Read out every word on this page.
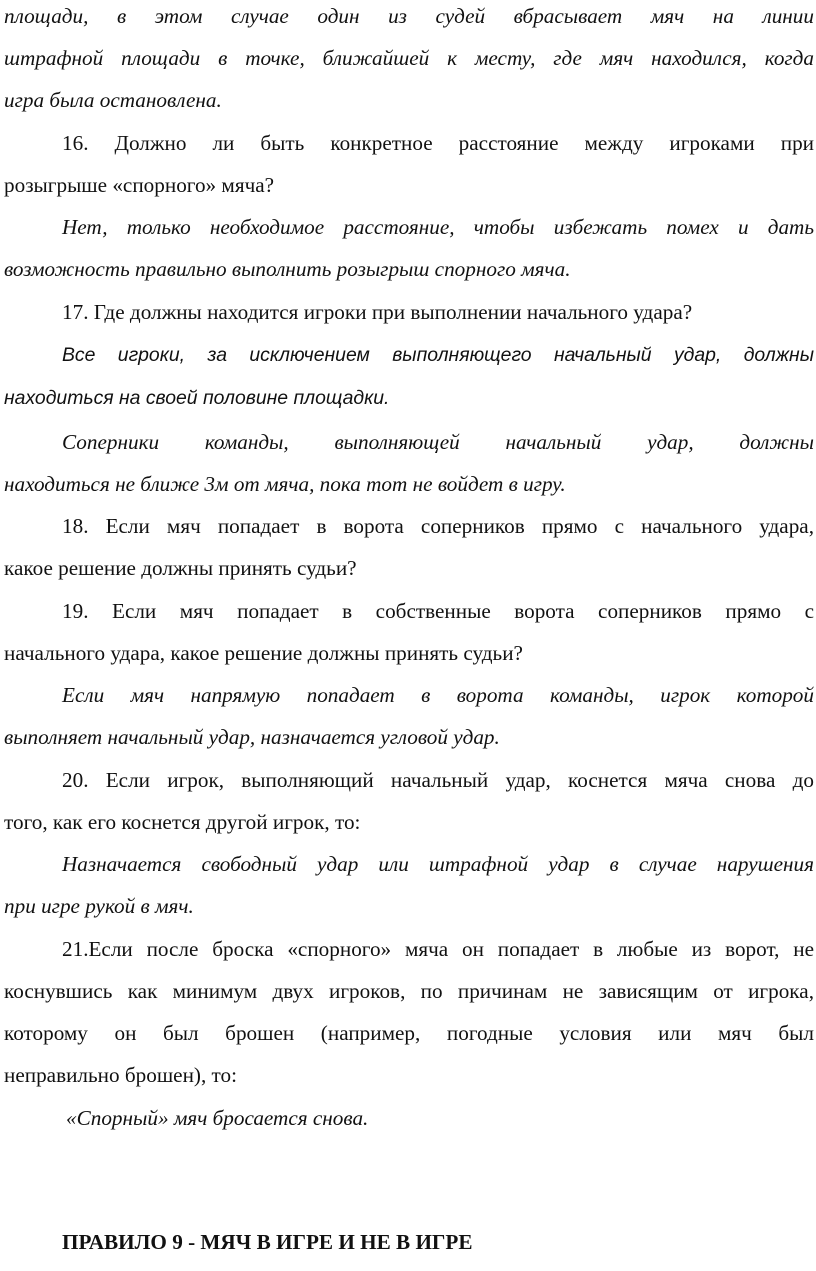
площади, в этом случае один из судей вбрасывает мяч на линии
штрафной площади в точке, ближайшей к месту, где мяч находился, когда
игра была остановлена.
16. Должно ли быть конкретное расстояние между игроками при
розыгрыше «спорного» мяча?
Нет, только необходимое расстояние, чтобы избежать помех и дать
возможность правильно выполнить розыгрыш спорного мяча.
17. Где должны находится игроки при выполнении начального удара?
Все игроки, за исключением выполняющего начальный удар, должны
находиться на своей половине площадки.
Соперники команды, выполняющей начальный удар, должны
находиться не ближе 3м от мяча, пока тот не войдет в игру.
18. Если мяч попадает в ворота соперников прямо с начального удара,
какое решение должны принять судьи?
19. Если мяч попадает в собственные ворота соперников прямо с
начального удара, какое решение должны принять судьи?
Если мяч напрямую попадает в ворота команды, игрок которой
выполняет начальный удар, назначается угловой удар.
20. Если игрок, выполняющий начальный удар, коснется мяча снова до
того, как его коснется другой игрок, то:
Назначается свободный удар или штрафной удар в случае нарушения
при игре рукой в мяч.
21.Если после броска «спорного» мяча он попадает в любые из ворот, не
коснувшись как минимум двух игроков, по причинам не зависящим от игрока,
которому он был брошен (например, погодные условия или мяч был
неправильно брошен), то:
«Спорный» мяч бросается снова.
ПРАВИЛО 9 - МЯЧ В ИГРЕ И НЕ В ИГРЕ
